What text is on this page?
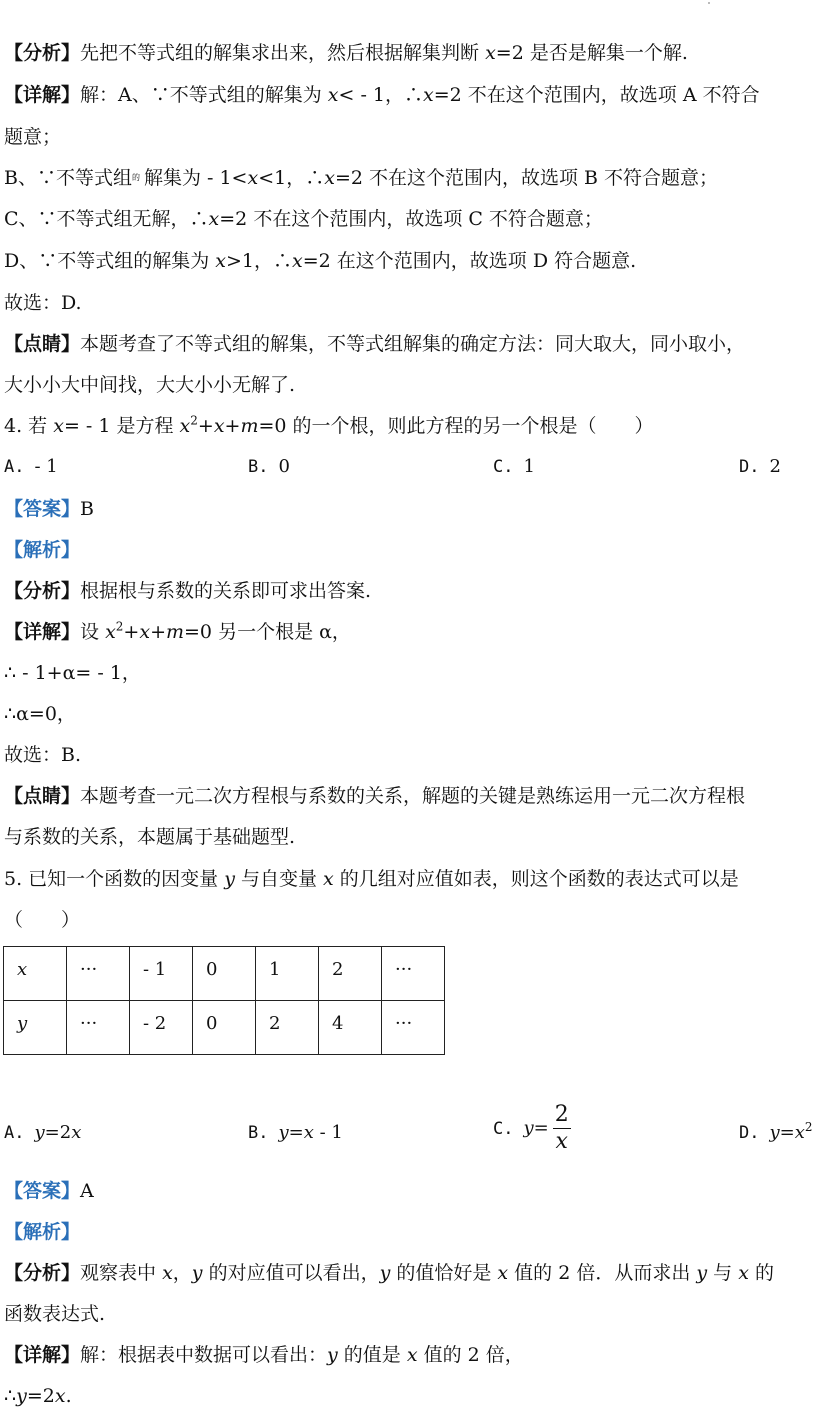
【分析】先把不等式组的解集求出来，然后根据解集判断 x=2 是否是解集一个解.
【详解】解：A、∵不等式组的解集为 x< - 1，∴x=2 不在这个范围内，故选项 A 不符合
题意；
B、∵不等式组$^的$ 解集为 - 1<x<1，∴x=2 不在这个范围内，故选项 B 不符合题意；
C、∵不等式组无解，∴x=2 不在这个范围内，故选项 C 不符合题意；
D、∵不等式组的解集为 x>1，∴x=2 在这个范围内，故选项 D 符合题意.
故选：D.
【点睛】本题考查了不等式组的解集，不等式组解集的确定方法：同大取大，同小取小，
大小小大中间找，大大小小无解了.
4. 若 x= - 1 是方程 $x^2+x+m=0$ 的一个根，则此方程的另一个根是（　　）
A. - 1	B. 0	C. 1	D. 2
【答案】B
【解析】
【分析】根据根与系数的关系即可求出答案.
【详解】设 $x^2+x+m=0$ 另一个根是 α，
∴ - 1+α= - 1，
∴α=0，
故选：B.
【点睛】本题考查一元二次方程根与系数的关系，解题的关键是熟练运用一元二次方程根
与系数的关系，本题属于基础题型.
5. 已知一个函数的因变量 y 与自变量 x 的几组对应值如表，则这个函数的表达式可以是
（　　）
x	···	- 1	0	1	2	···
y	···	- 2	0	2	4	···
A. y=2x	B. y=x - 1	C. $y= \frac{2}{x}$	D. $y=x^2$
【答案】A
【解析】
【分析】观察表中 x，y 的对应值可以看出，y 的值恰好是 x 值的 2 倍．从而求出 y 与 x 的
函数表达式.
【详解】解：根据表中数据可以看出：y 的值是 x 值的 2 倍，
∴y=2x.
